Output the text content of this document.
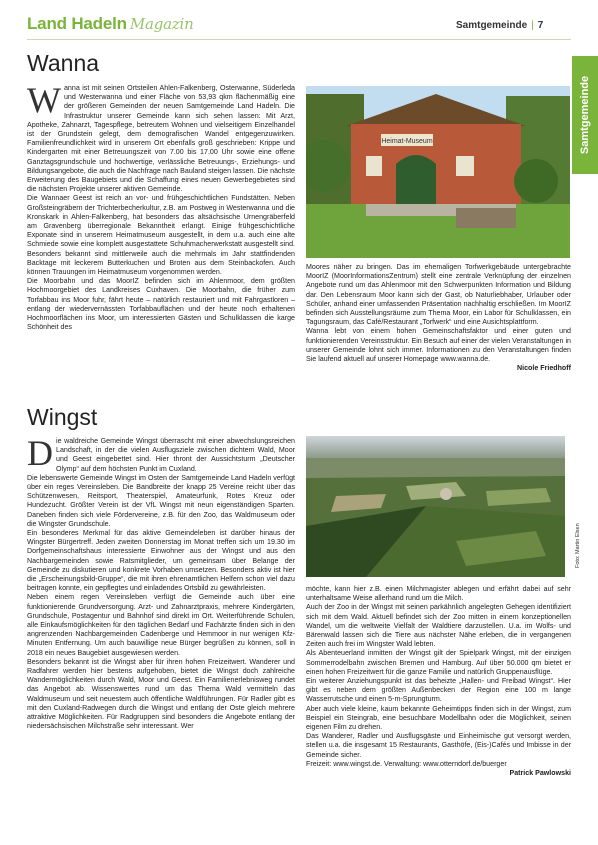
Land Hadeln Magazin	Samtgemeinde | 7
Samtgemeinde
Wanna
Wanna ist mit seinen Ortsteilen Ahlen-Falkenberg, Osterwanne, Süderleda und Westerwanna und einer Fläche von 53,93 qkm flächenmäßig eine der größeren Gemeinden der neuen Samtgemeinde Land Hadeln. Die Infrastruktur unserer Gemeinde kann sich sehen lassen: Mit Arzt, Apotheke, Zahnarzt, Tagespflege, betreutem Wohnen und vielseitigem Einzelhandel ist der Grundstein gelegt, dem demografischen Wandel entgegenzuwirken. Familienfreundlichkeit wird in unserem Ort ebenfalls groß geschrieben: Krippe und Kindergarten mit einer Betreuungszeit von 7.00 bis 17.00 Uhr sowie eine offene Ganztagsgrundschule und hochwertige, verlässliche Betreuungs-, Erziehungs- und Bildungsangebote, die auch die Nachfrage nach Bauland steigen lassen. Die nächste Erweiterung des Baugebiets und die Schaffung eines neuen Gewerbegebietes sind die nächsten Projekte unserer aktiven Gemeinde.
Die Wannaer Geest ist reich an vor- und frühgeschichtlichen Fundstätten. Neben Großsteingräbern der Trichterbecherkultur, z.B. am Postweg in Westerwanna und die Kronskark in Ahlen-Falkenberg, hat besonders das altsächsische Urnengräberfeld am Gravenberg überregionale Bekanntheit erlangt. Einige frühgeschichtliche Exponate sind in unserem Heimatmuseum ausgestellt, in dem u.a. auch eine alte Schmiede sowie eine komplett ausgestattete Schuhmacherwerkstatt ausgestellt sind. Besonders bekannt sind mittlerweile auch die mehrmals im Jahr stattfindenden Backtage mit leckerem Butterkuchen und Broten aus dem Steinbackofen. Auch können Trauungen im Heimatmuseum vorgenommen werden.
Die Moorbahn und das MoorIZ befinden sich im Ahlenmoor, dem größten Hochmoorgebiet des Landkreises Cuxhaven. Die Moorbahn, die früher zum Torfabbau ins Moor fuhr, fährt heute – natürlich restauriert und mit Fahrgastloren – entlang der wiedervernässten Torfabbauflächen und der heute noch erhaltenen Hochmoorflächen ins Moor, um interessierten Gästen und Schulklassen die karge Schönheit des
Heimat-Museum
Moores näher zu bringen. Das im ehemaligen Torfwerkgebäude untergebrachte MoorIZ (MoorInformationsZentrum) stellt eine zentrale Verknüpfung der einzelnen Angebote rund um das Ahlenmoor mit den Schwerpunkten Information und Bildung dar. Den Lebensraum Moor kann sich der Gast, ob Naturliebhaber, Urlauber oder Schüler, anhand einer umfassenden Präsentation nachhaltig erschließen. Im MoorIZ befinden sich Ausstellungsräume zum Thema Moor, ein Labor für Schulklassen, ein Tagungsraum, das Café/Restaurant „Torfwerk“ und eine Ausichtsplattform.
Wanna lebt von einem hohen Gemeinschaftsfaktor und einer guten und funktionierenden Vereinsstruktur. Ein Besuch auf einer der vielen Veranstaltungen in unserer Gemeinde lohnt sich immer. Informationen zu den Veranstaltungen finden Sie laufend aktuell auf unserer Homepage www.wanna.de.
Nicole Friedhoff
Wingst
Die waldreiche Gemeinde Wingst überrascht mit einer abwechslungsreichen Landschaft, in der die vielen Ausflugsziele zwischen dichtem Wald, Moor und Geest eingebettet sind. Hier thront der Aussichtsturm „Deutscher Olymp“ auf dem höchsten Punkt im Cuxland.
Die lebenswerte Gemeinde Wingst im Osten der Samtgemeinde Land Hadeln verfügt über ein reges Vereinsleben. Die Bandbreite der knapp 25 Vereine reicht über das Schützenwesen, Reitsport, Theaterspiel, Amateurfunk, Rotes Kreuz oder Hundezucht. Größter Verein ist der VfL Wingst mit neun eigenständigen Sparten. Daneben finden sich viele Fördervereine, z.B. für den Zoo, das Waldmuseum oder die Wingster Grundschule.
Ein besonderes Merkmal für das aktive Gemeindeleben ist darüber hinaus der Wingster Bürgertreff. Jeden zweiten Donnerstag im Monat treffen sich um 19.30 im Dorfgemeinschaftshaus interessierte Einwohner aus der Wingst und aus den Nachbargemeinden sowie Ratsmitglieder, um gemeinsam über Belange der Gemeinde zu diskutieren und konkrete Vorhaben umsetzen. Besonders aktiv ist hier die „Erscheinungsbild-Gruppe“, die mit ihren ehrenamtlichen Helfern schon viel dazu beitragen konnte, ein gepflegtes und einladendes Ortsbild zu gewährleisten.
Neben einem regen Vereinsleben verfügt die Gemeinde auch über eine funktionierende Grundversorgung. Arzt- und Zahnarztpraxis, mehrere Kindergärten, Grundschule, Postagentur und Bahnhof sind direkt im Ort. Weiterführende Schulen, alle Einkaufsmöglichkeiten für den täglichen Bedarf und Fachärzte finden sich in den angrenzenden Nachbargemeinden Cadenberge und Hemmoor in nur wenigen Kfz-Minuten Entfernung. Um auch bauwillige neue Bürger begrüßen zu können, soll in 2018 ein neues Baugebiet ausgewiesen werden.
Besonders bekannt ist die Wingst aber für ihren hohen Freizeitwert. Wanderer und Radfahrer werden hier bestens aufgehoben, bietet die Wingst doch zahlreiche Wandermöglichkeiten durch Wald, Moor und Geest. Ein Familienerlebnisweg rundet das Angebot ab. Wissenswertes rund um das Thema Wald vermitteln das Waldmuseum und seit neuestem auch öffentliche Waldführungen. Für Radler gibt es mit den Cuxland-Radwegen durch die Wingst und entlang der Oste gleich mehrere attraktive Möglichkeiten. Für Radgruppen sind besonders die Angebote entlang der niedersächsischen Milchstraße sehr interessant. Wer
Foto: Martin Elsen
möchte, kann hier z.B. einen Milchmagister ablegen und erfährt dabei auf sehr unterhaltsame Weise allerhand rund um die Milch.
Auch der Zoo in der Wingst mit seinen parkähnlich angelegten Gehegen identifiziert sich mit dem Wald. Aktuell befindet sich der Zoo mitten in einem konzeptionellen Wandel, um die weltweite Vielfalt der Waldtiere darzustellen. U.a. im Wolfs- und Bärenwald lassen sich die Tiere aus nächster Nähe erleben, die in vergangenen Zeiten auch frei im Wingster Wald lebten.
Als Abenteuerland inmitten der Wingst gilt der Spielpark Wingst, mit der einzigen Sommerrodelbahn zwischen Bremen und Hamburg. Auf über 50.000 qm bietet er einen hohen Freizeitwert für die ganze Familie und natürlich Gruppenausflüge.
Ein weiterer Anziehungspunkt ist das beheizte „Hallen- und Freibad Wingst“. Hier gibt es neben dem größten Außenbecken der Region eine 100 m lange Wasserrutsche und einen 5-m-Sprungturm.
Aber auch viele kleine, kaum bekannte Geheimtipps finden sich in der Wingst, zum Beispiel ein Steingrab, eine besuchbare Modellbahn oder die Möglichkeit, seinen eigenen Film zu drehen.
Das Wanderer, Radler und Ausflugsgäste und Einheimische gut versorgt werden, stellen u.a. die insgesamt 15 Restaurants, Gasthöfe, (Eis-)Cafés und Imbisse in der Gemeinde sicher.
Freizeit: www.wingst.de. Verwaltung: www.otterndorf.de/buerger
Patrick Pawlowski
